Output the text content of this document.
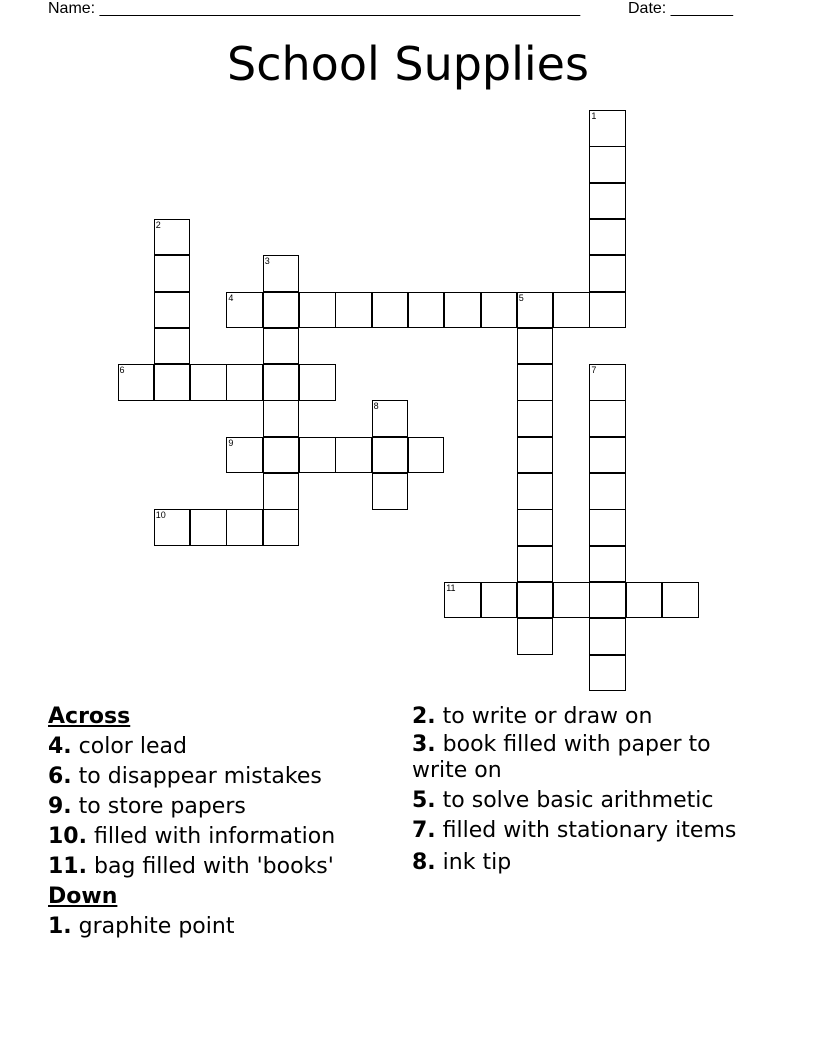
Name: ______________________________________________________	Date: _______
School Supplies
1
2
3
4	5
6	7
8
9
10
11
Across
4. color lead
6. to disappear mistakes
9. to store papers
10. filled with information
11. bag filled with 'books'
Down
1. graphite point
2. to write or draw on
3. book filled with paper to write on
5. to solve basic arithmetic
7. filled with stationary items
8. ink tip
